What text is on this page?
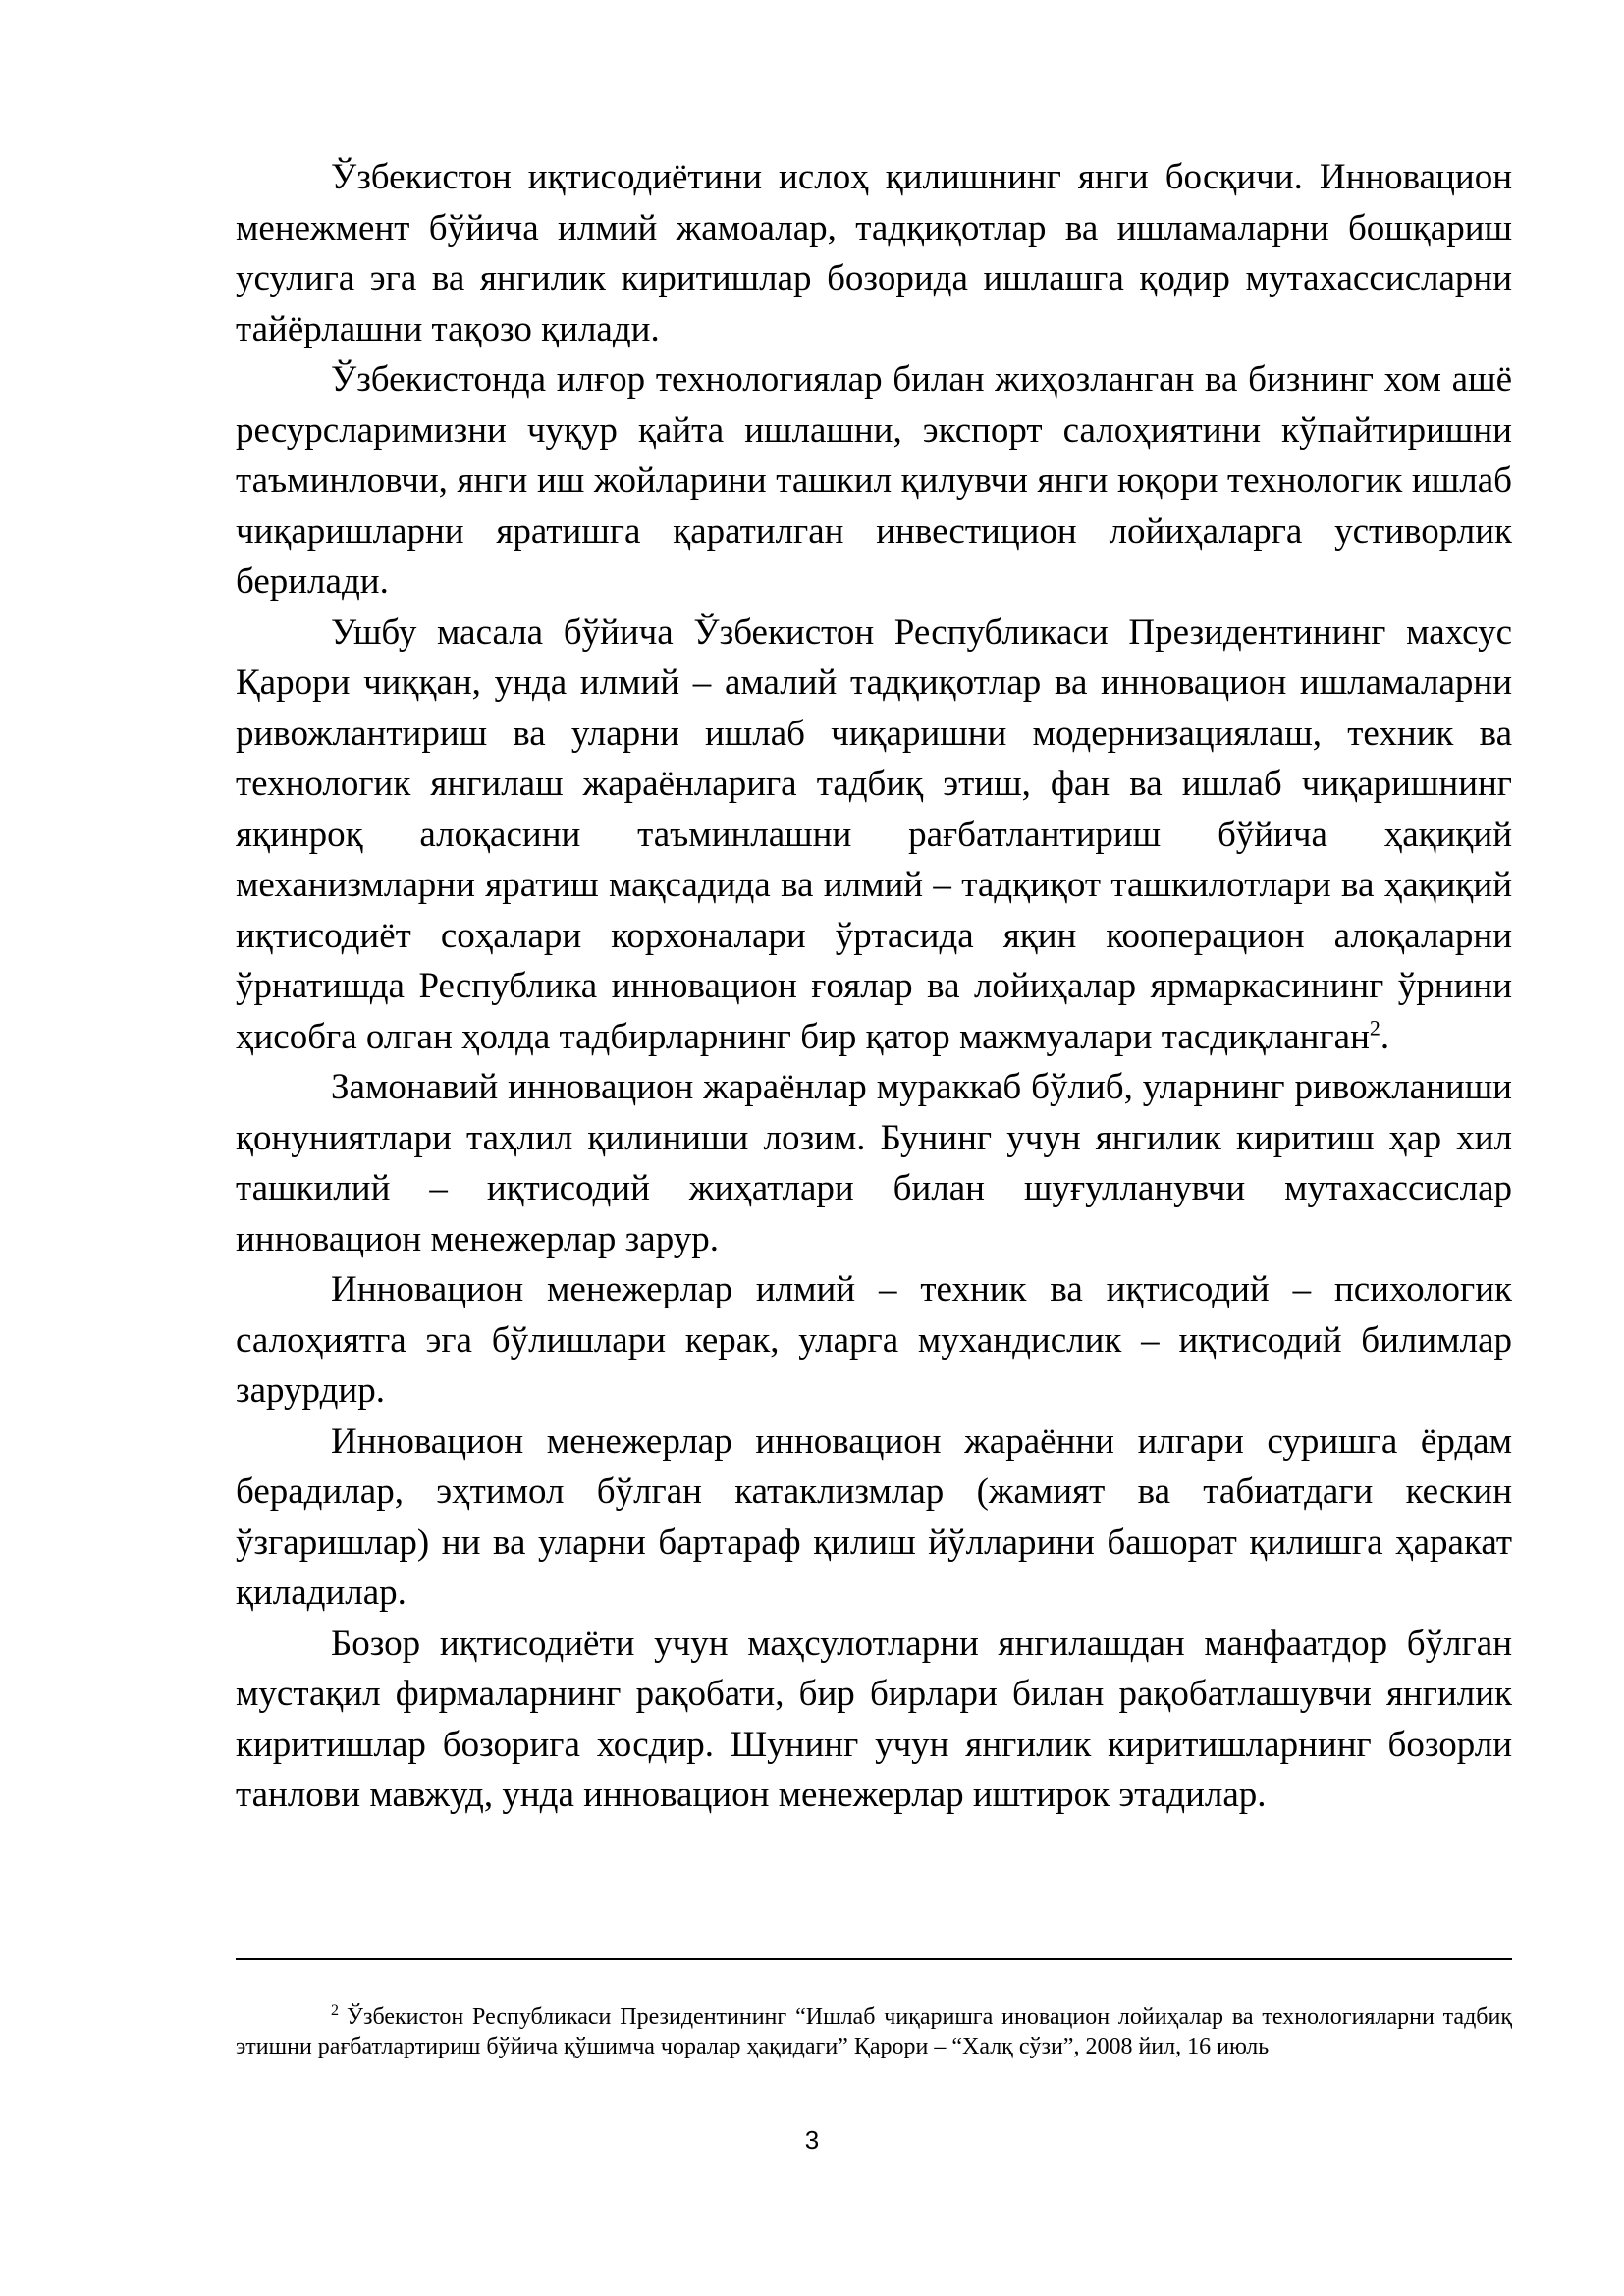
Ўзбекистон иқтисодиётини ислоҳ қилишнинг янги босқичи. Инновацион менежмент бўйича илмий жамоалар, тадқиқотлар ва ишламаларни бошқариш усулига эга ва янгилик киритишлар бозорида ишлашга қодир мутахассисларни тайёрлашни тақозо қилади.

Ўзбекистонда илғор технологиялар билан жиҳозланган ва бизнинг хом ашё ресурсларимизни чуқур қайта ишлашни, экспорт салоҳиятини кўпайтиришни таъминловчи, янги иш жойларини ташкил қилувчи янги юқори технологик ишлаб чиқаришларни яратишга қаратилган инвестицион лойиҳаларга устиворлик берилади.

Ушбу масала бўйича Ўзбекистон Республикаси Президентининг махсус Қарори чиққан, унда илмий – амалий тадқиқотлар ва инновацион ишламаларни ривожлантириш ва уларни ишлаб чиқаришни модернизациялаш, техник ва технологик янгилаш жараёнларига тадбиқ этиш, фан ва ишлаб чиқаришнинг яқинроқ алоқасини таъминлашни рағбатлантириш бўйича ҳақиқий механизмларни яратиш мақсадида ва илмий – тадқиқот ташкилотлари ва ҳақиқий иқтисодиёт соҳалари корхоналари ўртасида яқин кооперацион алоқаларни ўрнатишда Республика инновацион ғоялар ва лойиҳалар ярмаркасининг ўрнини ҳисобга олган ҳолда тадбирларнинг бир қатор мажмуалари тасдиқланган$^2$.

Замонавий инновацион жараёнлар мураккаб бўлиб, уларнинг ривожланиши қонуниятлари таҳлил қилиниши лозим. Бунинг учун янгилик киритиш ҳар хил ташкилий – иқтисодий жиҳатлари билан шуғулланувчи мутахассислар инновацион менежерлар зарур.

Инновацион менежерлар илмий – техник ва иқтисодий – психологик салоҳиятга эга бўлишлари керак, уларга мухандислик – иқтисодий билимлар зарурдир.

Инновацион менежерлар инновацион жараённи илгари суришга ёрдам берадилар, эҳтимол бўлган катаклизмлар (жамият ва табиатдаги кескин ўзгаришлар) ни ва уларни бартараф қилиш йўлларини башорат қилишга ҳаракат қиладилар.

Бозор иқтисодиёти учун маҳсулотларни янгилашдан манфаатдор бўлган мустақил фирмаларнинг рақобати, бир бирлари билан рақобатлашувчи янгилик киритишлар бозорига хосдир. Шунинг учун янгилик киритишларнинг бозорли танлови мавжуд, унда инновацион менежерлар иштирок этадилар.

$^2$ Ўзбекистон Республикаси Президентининг “Ишлаб чиқаришга иновацион лойиҳалар ва технологияларни тадбиқ этишни рағбатлартириш бўйича қўшимча чоралар ҳақидаги” Қарори – “Халқ сўзи”, 2008 йил, 16 июль

3
